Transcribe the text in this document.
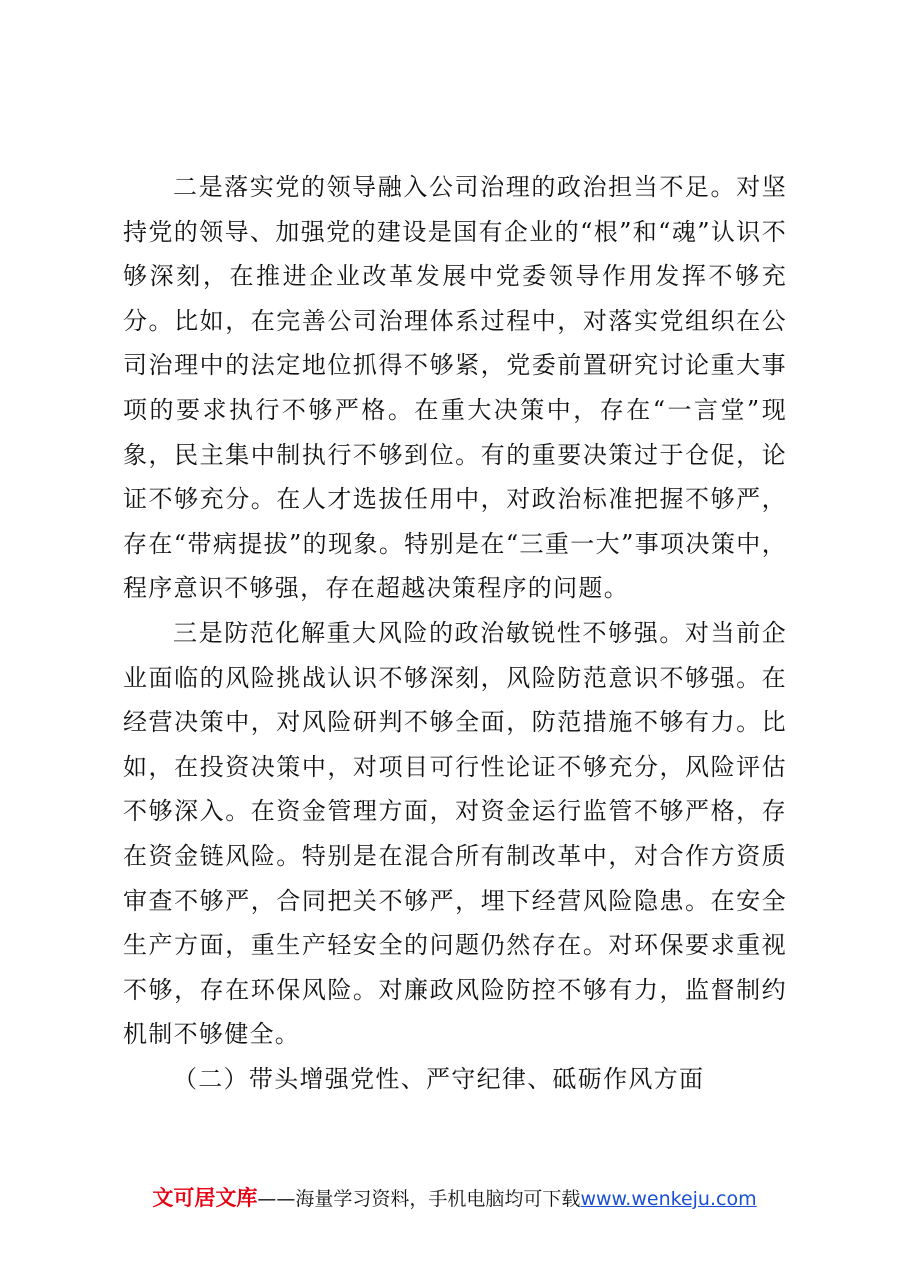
二是落实党的领导融入公司治理的政治担当不足。对坚持党的领导、加强党的建设是国有企业的“根”和“魂”认识不够深刻，在推进企业改革发展中党委领导作用发挥不够充分。比如，在完善公司治理体系过程中，对落实党组织在公司治理中的法定地位抓得不够紧，党委前置研究讨论重大事项的要求执行不够严格。在重大决策中，存在“一言堂”现象，民主集中制执行不够到位。有的重要决策过于仓促，论证不够充分。在人才选拔任用中，对政治标准把握不够严，存在“带病提拔”的现象。特别是在“三重一大”事项决策中，程序意识不够强，存在超越决策程序的问题。

三是防范化解重大风险的政治敏锐性不够强。对当前企业面临的风险挑战认识不够深刻，风险防范意识不够强。在经营决策中，对风险研判不够全面，防范措施不够有力。比如，在投资决策中，对项目可行性论证不够充分，风险评估不够深入。在资金管理方面，对资金运行监管不够严格，存在资金链风险。特别是在混合所有制改革中，对合作方资质审查不够严，合同把关不够严，埋下经营风险隐患。在安全生产方面，重生产轻安全的问题仍然存在。对环保要求重视不够，存在环保风险。对廉政风险防控不够有力，监督制约机制不够健全。

（二）带头增强党性、严守纪律、砥砺作风方面

文可居文库——海量学习资料，手机电脑均可下载www.wenkeju.com
